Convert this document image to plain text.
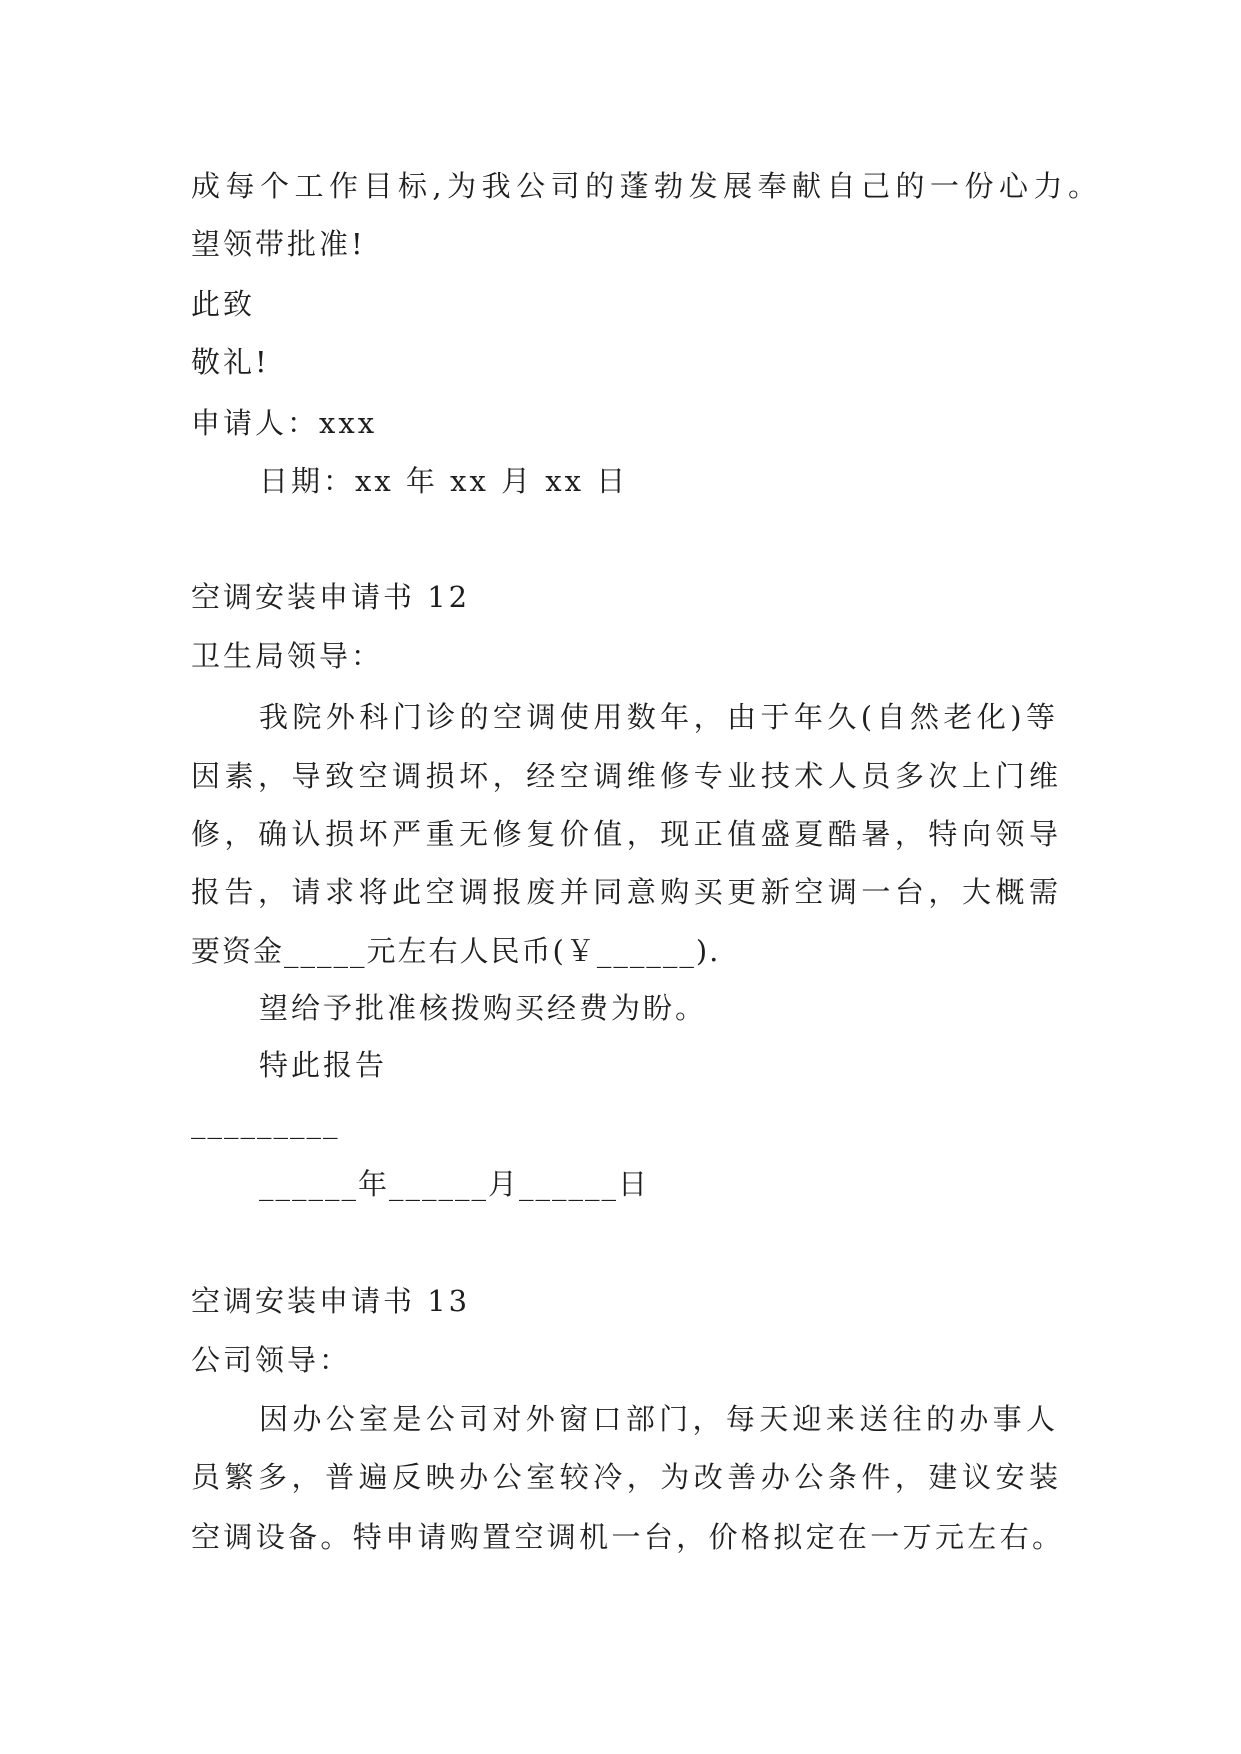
成每个工作目标,为我公司的蓬勃发展奉献自己的一份心力。
望领带批准!
此致
敬礼!
申请人：xxx
日期：xx 年 xx 月 xx 日
空调安装申请书 12
卫生局领导：
我院外科门诊的空调使用数年，由于年久(自然老化)等
因素，导致空调损坏，经空调维修专业技术人员多次上门维
修，确认损坏严重无修复价值，现正值盛夏酷暑，特向领导
报告，请求将此空调报废并同意购买更新空调一台，大概需
要资金_____元左右人民币(￥______).
望给予批准核拨购买经费为盼。
特此报告
_________
______年______月______日
空调安装申请书 13
公司领导：
因办公室是公司对外窗口部门，每天迎来送往的办事人
员繁多，普遍反映办公室较冷，为改善办公条件，建议安装
空调设备。特申请购置空调机一台，价格拟定在一万元左右。
